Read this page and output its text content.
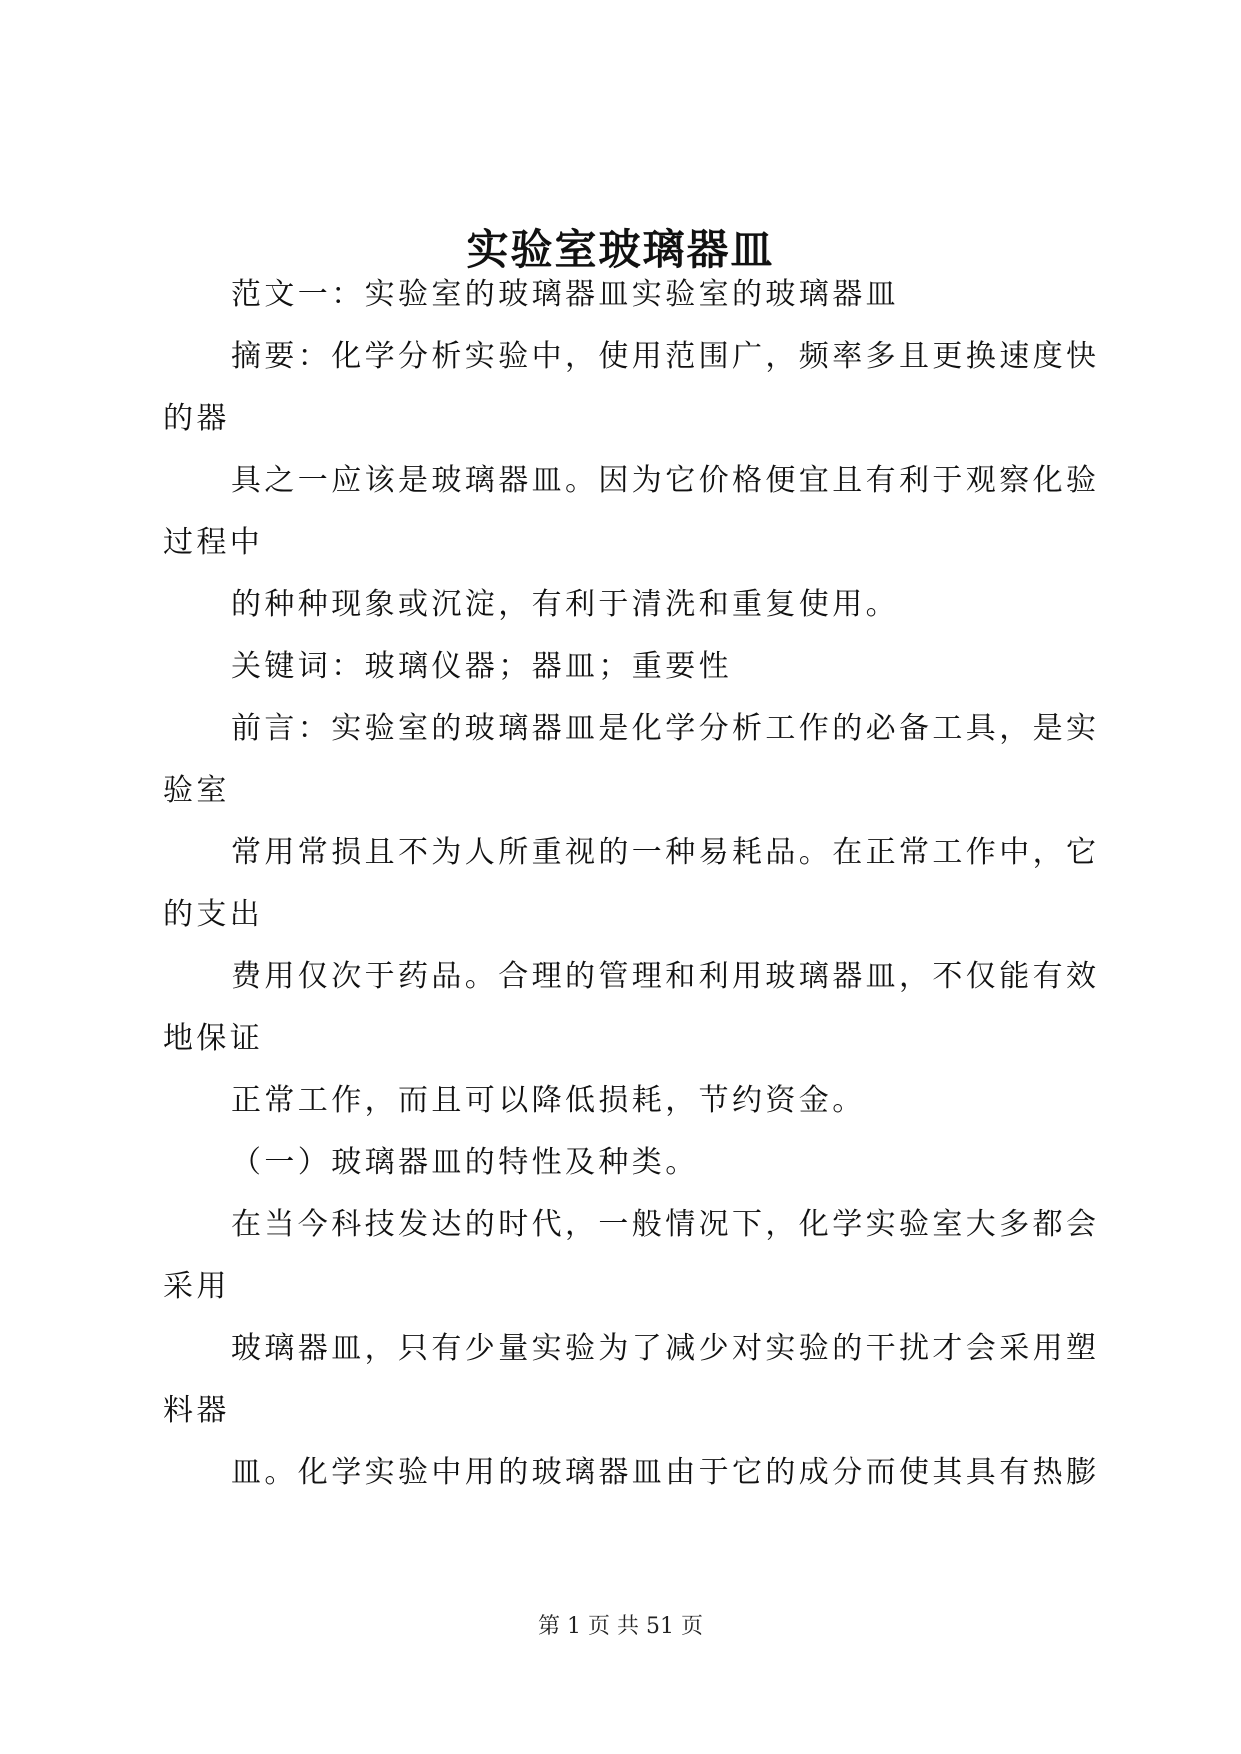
实验室玻璃器皿
范文一：实验室的玻璃器皿实验室的玻璃器皿
摘要：化学分析实验中，使用范围广，频率多且更换速度快
的器
具之一应该是玻璃器皿。因为它价格便宜且有利于观察化验
过程中
的种种现象或沉淀，有利于清洗和重复使用。
关键词：玻璃仪器；器皿；重要性
前言：实验室的玻璃器皿是化学分析工作的必备工具，是实
验室
常用常损且不为人所重视的一种易耗品。在正常工作中，它
的支出
费用仅次于药品。合理的管理和利用玻璃器皿，不仅能有效
地保证
正常工作，而且可以降低损耗，节约资金。
（一）玻璃器皿的特性及种类。
在当今科技发达的时代，一般情况下，化学实验室大多都会
采用
玻璃器皿，只有少量实验为了减少对实验的干扰才会采用塑
料器
皿。化学实验中用的玻璃器皿由于它的成分而使其具有热膨
第 1 页 共 51 页
